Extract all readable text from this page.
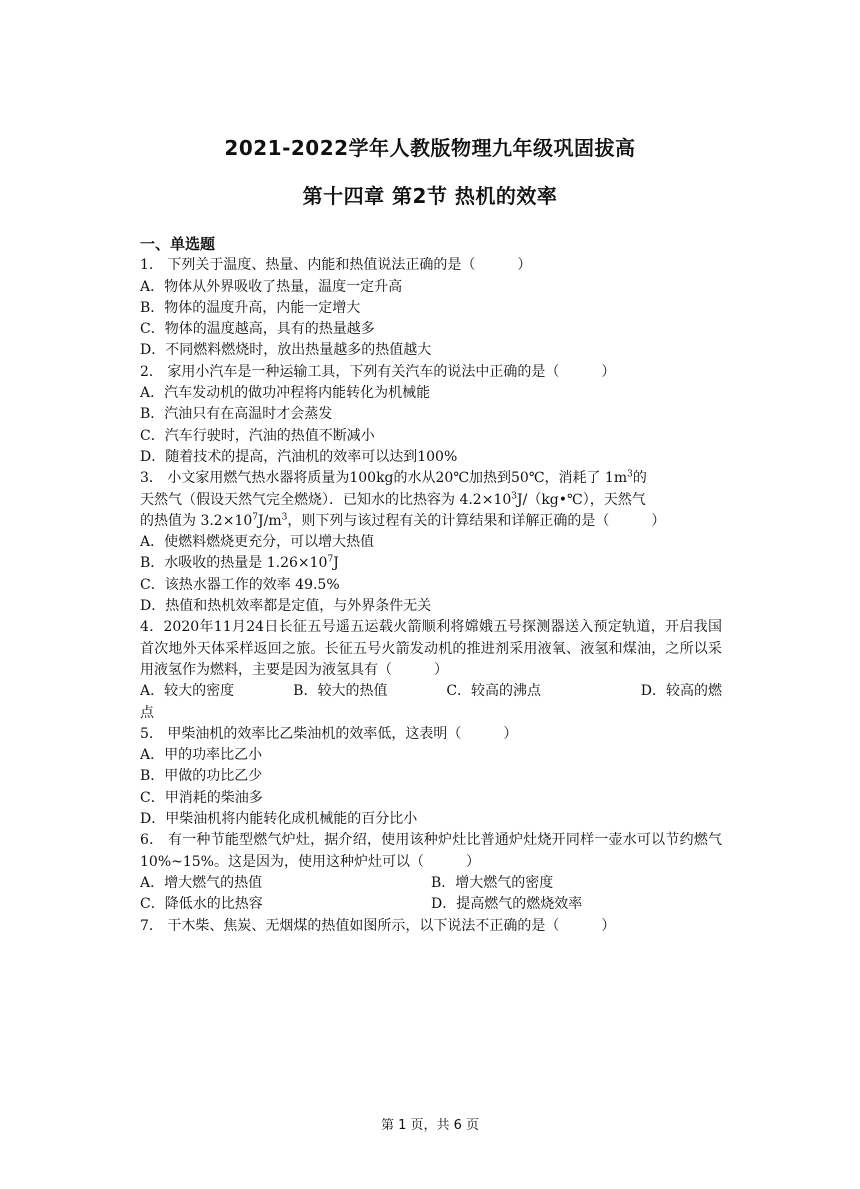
2021-2022学年人教版物理九年级巩固拔高
第十四章 第2节 热机的效率
一、单选题
1． 下列关于温度、热量、内能和热值说法正确的是（　　　）
A．物体从外界吸收了热量，温度一定升高
B．物体的温度升高，内能一定增大
C．物体的温度越高，具有的热量越多
D．不同燃料燃烧时，放出热量越多的热值越大
2． 家用小汽车是一种运输工具，下列有关汽车的说法中正确的是（　　　）
A．汽车发动机的做功冲程将内能转化为机械能
B．汽油只有在高温时才会蒸发
C．汽车行驶时，汽油的热值不断减小
D．随着技术的提高，汽油机的效率可以达到100%
3． 小文家用燃气热水器将质量为100kg的水从20℃加热到50℃，消耗了 $1m^3$的
天然气（假设天然气完全燃烧）．已知水的比热容为 $4.2\times 10^3J/(kg•℃)$，天然气
的热值为 $3.2\times 10^7J/m^3$，则下列与该过程有关的计算结果和详解正确的是（　　　）
A．使燃料燃烧更充分，可以增大热值
B．水吸收的热量是 $1.26\times 10^7J$
C．该热水器工作的效率 49.5%
D．热值和热机效率都是定值，与外界条件无关
4．2020年11月24日长征五号遥五运载火箭顺利将嫦娥五号探测器送入预定轨道，开启我国首次地外天体采样返回之旅。长征五号火箭发动机的推进剂采用液氧、液氢和煤油，之所以采用液氢作为燃料，主要是因为液氢具有（　　　）
A．较大的密度	B．较大的热值	C．较高的沸点	D．较高的燃
点
5． 甲柴油机的效率比乙柴油机的效率低，这表明（　　　）
A．甲的功率比乙小
B．甲做的功比乙少
C．甲消耗的柴油多
D．甲柴油机将内能转化成机械能的百分比小
6． 有一种节能型燃气炉灶，据介绍，使用该种炉灶比普通炉灶烧开同样一壶水可以节约燃气 10%~15%。这是因为，使用这种炉灶可以（　　　）
A．增大燃气的热值	B．增大燃气的密度
C．降低水的比热容	D．提高燃气的燃烧效率
7． 干木柴、焦炭、无烟煤的热值如图所示，以下说法不正确的是（　　　）
第 1 页，共 6 页
